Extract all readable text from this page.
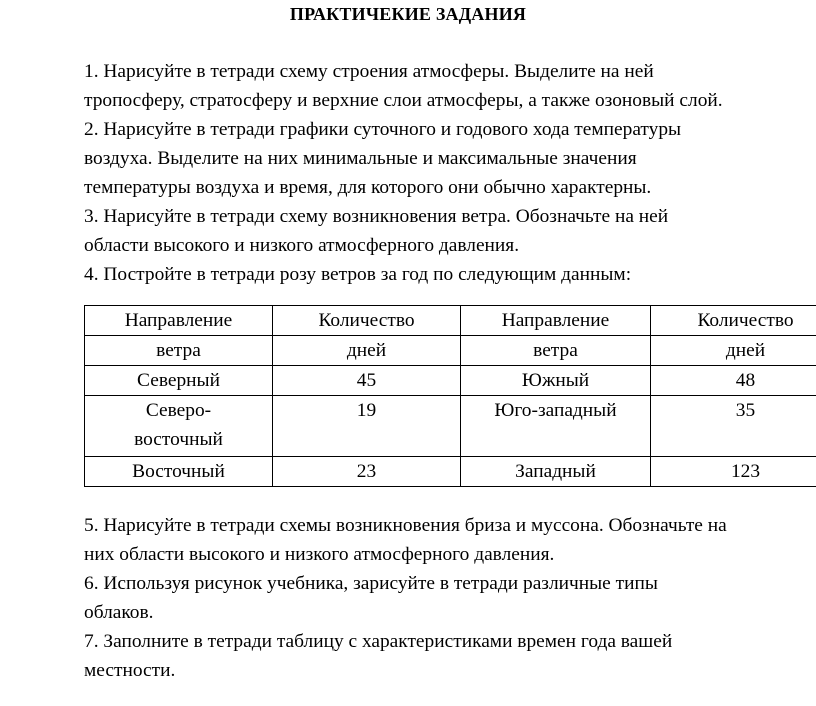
ПРАКТИЧЕКИЕ ЗАДАНИЯ
1. Нарисуйте в тетради схему строения атмосферы. Выделите на ней
тропосферу, стратосферу и верхние слои атмосферы, а также озоновый слой.
2. Нарисуйте в тетради графики суточного и годового хода температуры
воздуха. Выделите на них минимальные и максимальные значения
температуры воздуха и время, для которого они обычно характерны.
3. Нарисуйте в тетради схему возникновения ветра. Обозначьте на ней
области высокого и низкого атмосферного давления.
4. Постройте в тетради розу ветров за год по следующим данным:
Направление	Количество	Направление	Количество
ветра	дней	ветра	дней
Северный	45	Южный	48

Северо-
восточный	19	Юго-западный	35
Восточный	23	Западный	123
5. Нарисуйте в тетради схемы возникновения бриза и муссона. Обозначьте на
них области высокого и низкого атмосферного давления.
6. Используя рисунок учебника, зарисуйте в тетради различные типы
облаков.
7. Заполните в тетради таблицу с характеристиками времен года вашей
местности.
